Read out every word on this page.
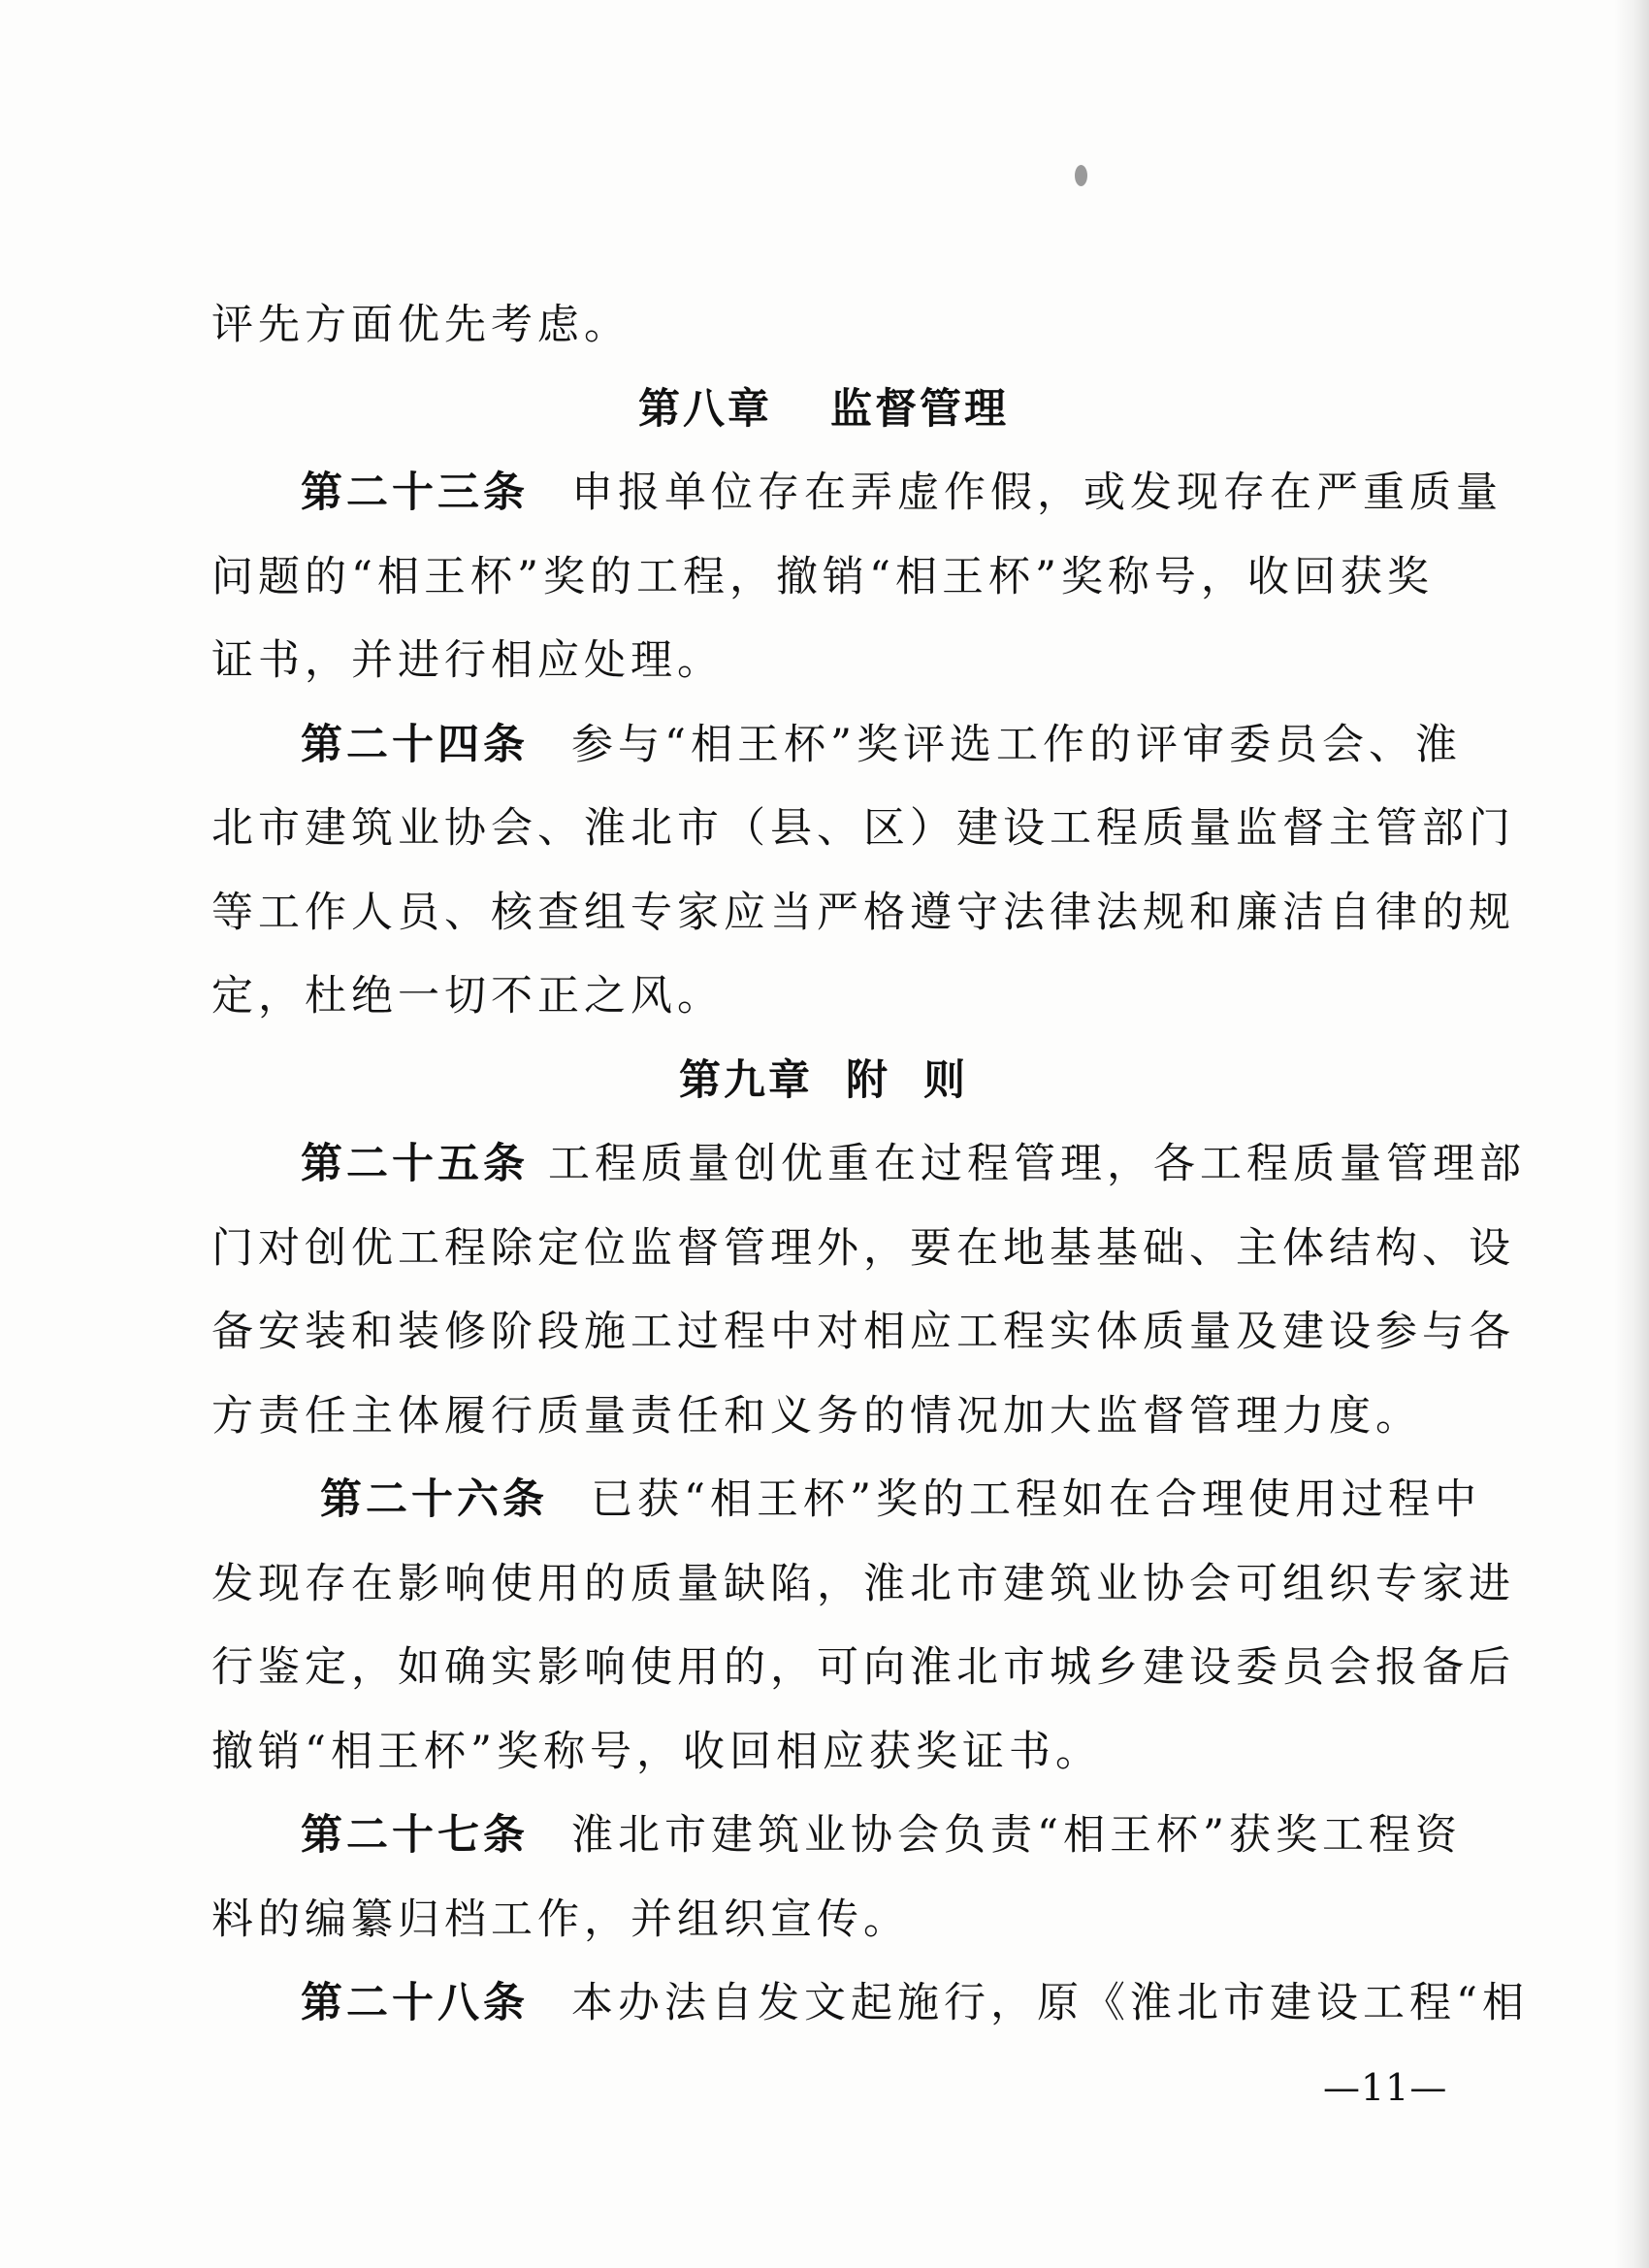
评先方面优先考虑。
第八章 监督管理
第二十三条 申报单位存在弄虚作假，或发现存在严重质量
问题的“相王杯”奖的工程，撤销“相王杯”奖称号，收回获奖
证书，并进行相应处理。
第二十四条 参与“相王杯”奖评选工作的评审委员会、淮
北市建筑业协会、淮北市（县、区）建设工程质量监督主管部门
等工作人员、核查组专家应当严格遵守法律法规和廉洁自律的规
定，杜绝一切不正之风。
第九章 附 则
第二十五条 工程质量创优重在过程管理，各工程质量管理部
门对创优工程除定位监督管理外，要在地基基础、主体结构、设
备安装和装修阶段施工过程中对相应工程实体质量及建设参与各
方责任主体履行质量责任和义务的情况加大监督管理力度。
第二十六条 已获“相王杯”奖的工程如在合理使用过程中
发现存在影响使用的质量缺陷，淮北市建筑业协会可组织专家进
行鉴定，如确实影响使用的，可向淮北市城乡建设委员会报备后
撤销“相王杯”奖称号，收回相应获奖证书。
第二十七条 淮北市建筑业协会负责“相王杯”获奖工程资
料的编纂归档工作，并组织宣传。
第二十八条 本办法自发文起施行，原《淮北市建设工程“相
—11—
